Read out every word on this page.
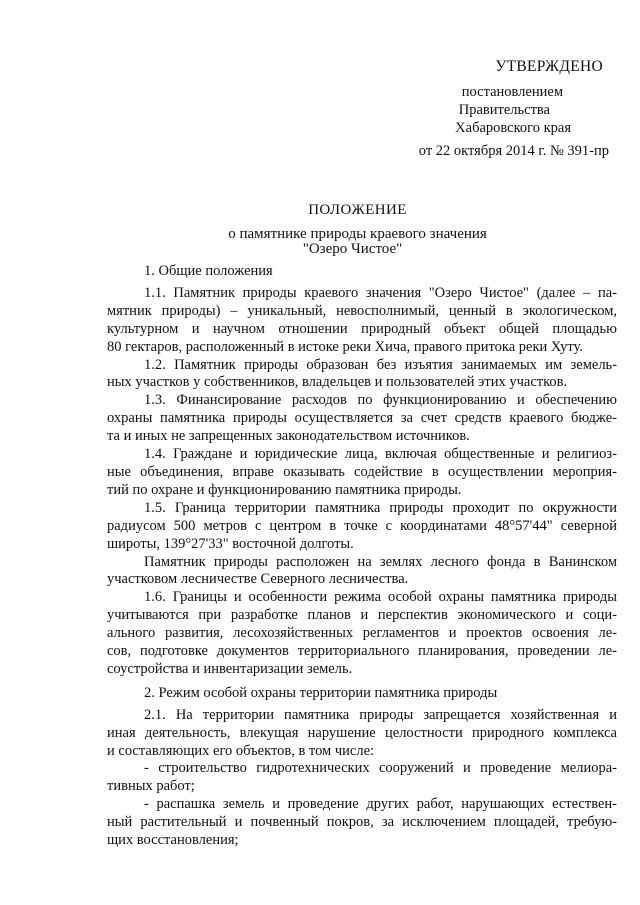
УТВЕРЖДЕНО
постановлением
Правительства
Хабаровского края
от 22 октября 2014 г. № 391-пр
ПОЛОЖЕНИЕ
о памятнике природы краевого значения
"Озеро Чистое"
1. Общие положения
1.1. Памятник природы краевого значения "Озеро Чистое" (далее – па-
мятник природы) – уникальный, невосполнимый, ценный в экологическом,
культурном и научном отношении природный объект общей площадью
80 гектаров, расположенный в истоке реки Хича, правого притока реки Хуту.
1.2. Памятник природы образован без изъятия занимаемых им земель-
ных участков у собственников, владельцев и пользователей этих участков.
1.3. Финансирование расходов по функционированию и обеспечению
охраны памятника природы осуществляется за счет средств краевого бюдже-
та и иных не запрещенных законодательством источников.
1.4. Граждане и юридические лица, включая общественные и религиоз-
ные объединения, вправе оказывать содействие в осуществлении мероприя-
тий по охране и функционированию памятника природы.
1.5. Граница территории памятника природы проходит по окружности
радиусом 500 метров с центром в точке с координатами 48°57'44" северной
широты, 139°27'33" восточной долготы.
Памятник природы расположен на землях лесного фонда в Ванинском
участковом лесничестве Северного лесничества.
1.6. Границы и особенности режима особой охраны памятника природы
учитываются при разработке планов и перспектив экономического и соци-
ального развития, лесохозяйственных регламентов и проектов освоения ле-
сов, подготовке документов территориального планирования, проведении ле-
соустройства и инвентаризации земель.
2. Режим особой охраны территории памятника природы
2.1. На территории памятника природы запрещается хозяйственная и
иная деятельность, влекущая нарушение целостности природного комплекса
и составляющих его объектов, в том числе:
- строительство гидротехнических сооружений и проведение мелиора-
тивных работ;
- распашка земель и проведение других работ, нарушающих естествен-
ный растительный и почвенный покров, за исключением площадей, требую-
щих восстановления;
